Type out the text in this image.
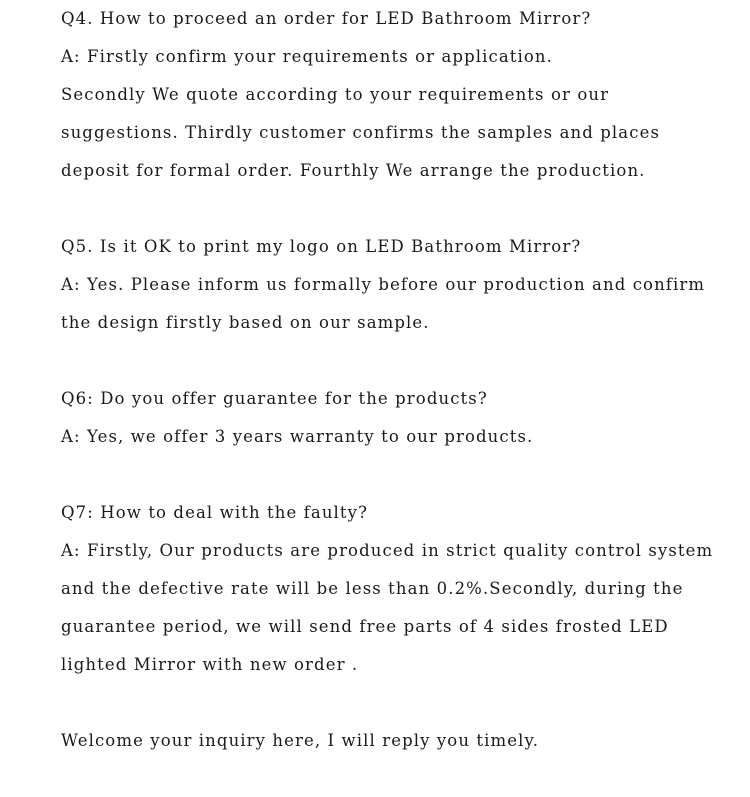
Q4. How to proceed an order for LED Bathroom Mirror?
A: Firstly confirm your requirements or application.
Secondly We quote according to your requirements or our
suggestions. Thirdly customer confirms the samples and places
deposit for formal order. Fourthly We arrange the production.
Q5. Is it OK to print my logo on LED Bathroom Mirror?
A: Yes. Please inform us formally before our production and confirm
the design firstly based on our sample.
Q6: Do you offer guarantee for the products?
A: Yes, we offer 3 years warranty to our products.
Q7: How to deal with the faulty?
A: Firstly, Our products are produced in strict quality control system
and the defective rate will be less than 0.2%.Secondly, during the
guarantee period, we will send free parts of 4 sides frosted LED
lighted Mirror with new order .
Welcome your inquiry here, I will reply you timely.
